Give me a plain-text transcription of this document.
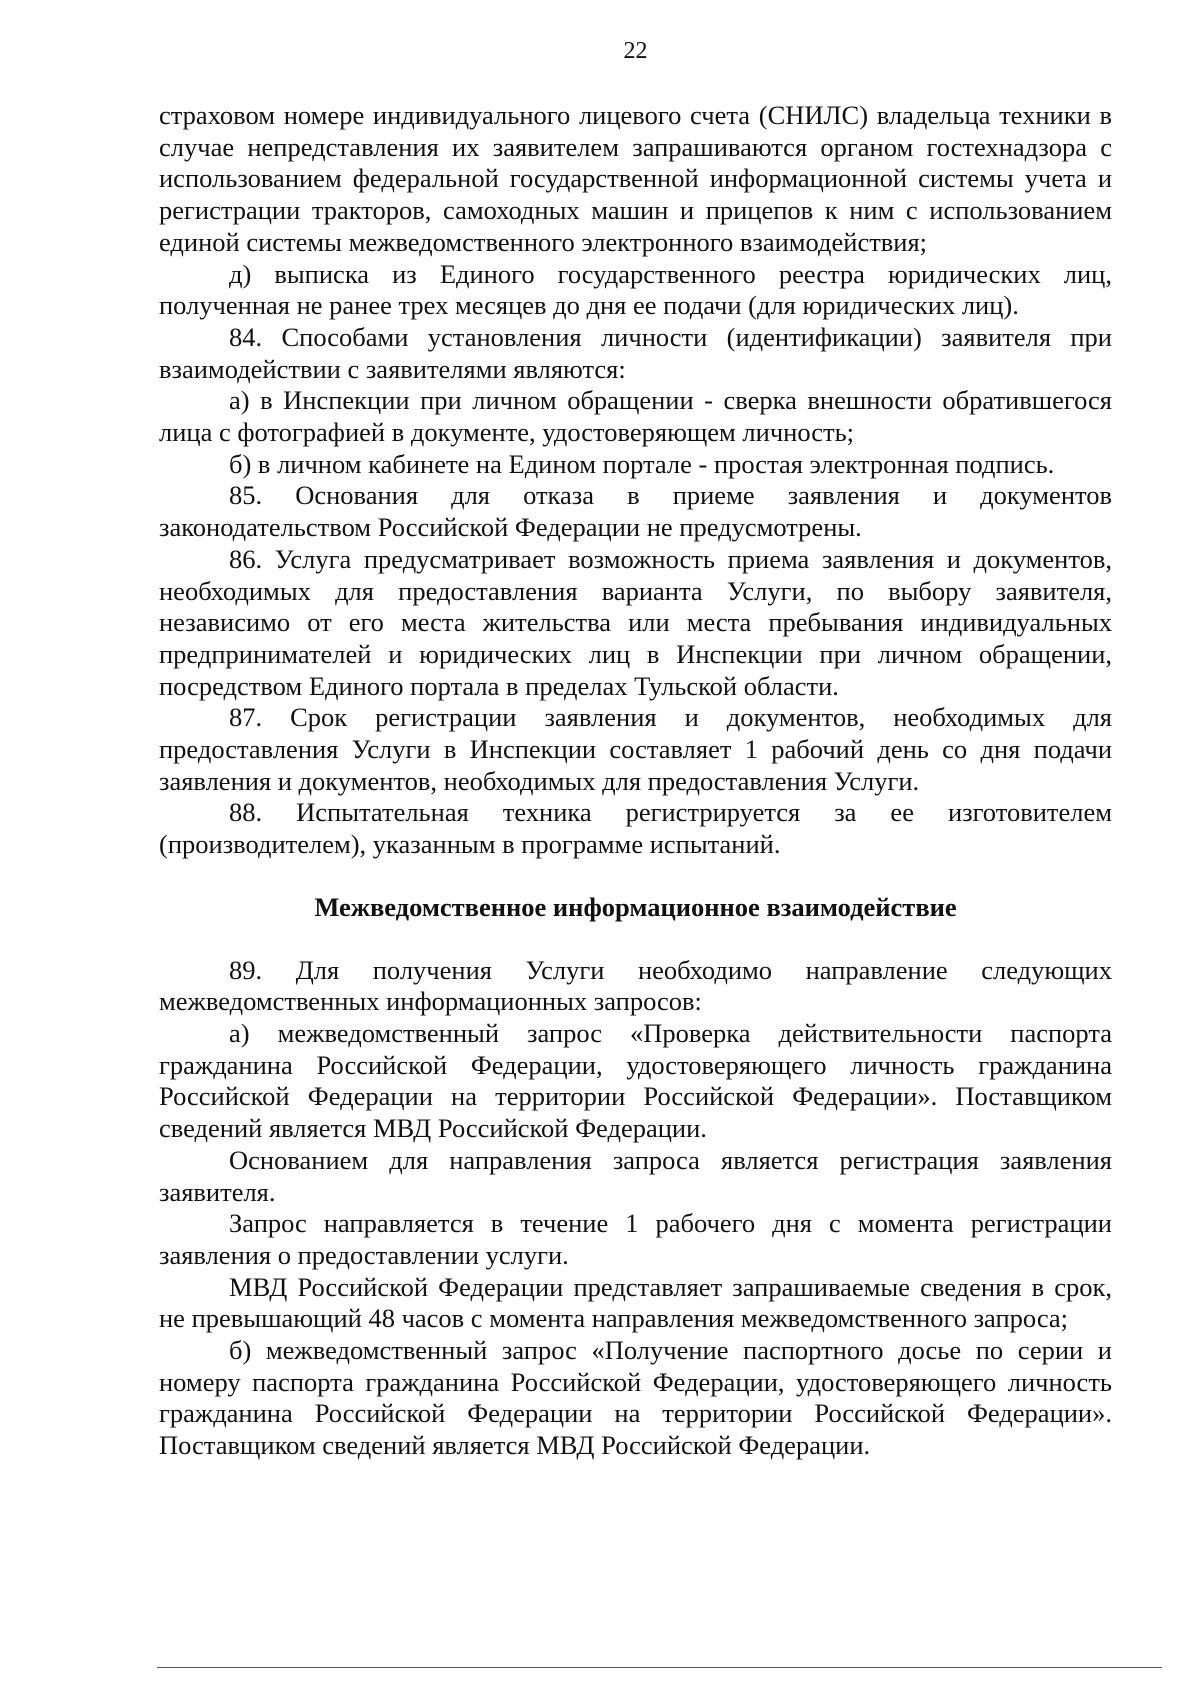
22

страховом номере индивидуального лицевого счета (СНИЛС) владельца техники в случае непредставления их заявителем запрашиваются органом гостехнадзора с использованием федеральной государственной информационной системы учета и регистрации тракторов, самоходных машин и прицепов к ним с использованием единой системы межведомственного электронного взаимодействия;

д) выписка из Единого государственного реестра юридических лиц, полученная не ранее трех месяцев до дня ее подачи (для юридических лиц).

84. Способами установления личности (идентификации) заявителя при взаимодействии с заявителями являются:

а) в Инспекции при личном обращении - сверка внешности обратившегося лица с фотографией в документе, удостоверяющем личность;

б) в личном кабинете на Едином портале - простая электронная подпись.

85. Основания для отказа в приеме заявления и документов законодательством Российской Федерации не предусмотрены.

86. Услуга предусматривает возможность приема заявления и документов, необходимых для предоставления варианта Услуги, по выбору заявителя, независимо от его места жительства или места пребывания индивидуальных предпринимателей и юридических лиц в Инспекции при личном обращении, посредством Единого портала в пределах Тульской области.

87. Срок регистрации заявления и документов, необходимых для предоставления Услуги в Инспекции составляет 1 рабочий день со дня подачи заявления и документов, необходимых для предоставления Услуги.

88. Испытательная техника регистрируется за ее изготовителем (производителем), указанным в программе испытаний.

Межведомственное информационное взаимодействие

89. Для получения Услуги необходимо направление следующих межведомственных информационных запросов:

а) межведомственный запрос «Проверка действительности паспорта гражданина Российской Федерации, удостоверяющего личность гражданина Российской Федерации на территории Российской Федерации». Поставщиком сведений является МВД Российской Федерации.

Основанием для направления запроса является регистрация заявления заявителя.

Запрос направляется в течение 1 рабочего дня с момента регистрации заявления о предоставлении услуги.

МВД Российской Федерации представляет запрашиваемые сведения в срок, не превышающий 48 часов с момента направления межведомственного запроса;

б) межведомственный запрос «Получение паспортного досье по серии и номеру паспорта гражданина Российской Федерации, удостоверяющего личность гражданина Российской Федерации на территории Российской Федерации». Поставщиком сведений является МВД Российской Федерации.
